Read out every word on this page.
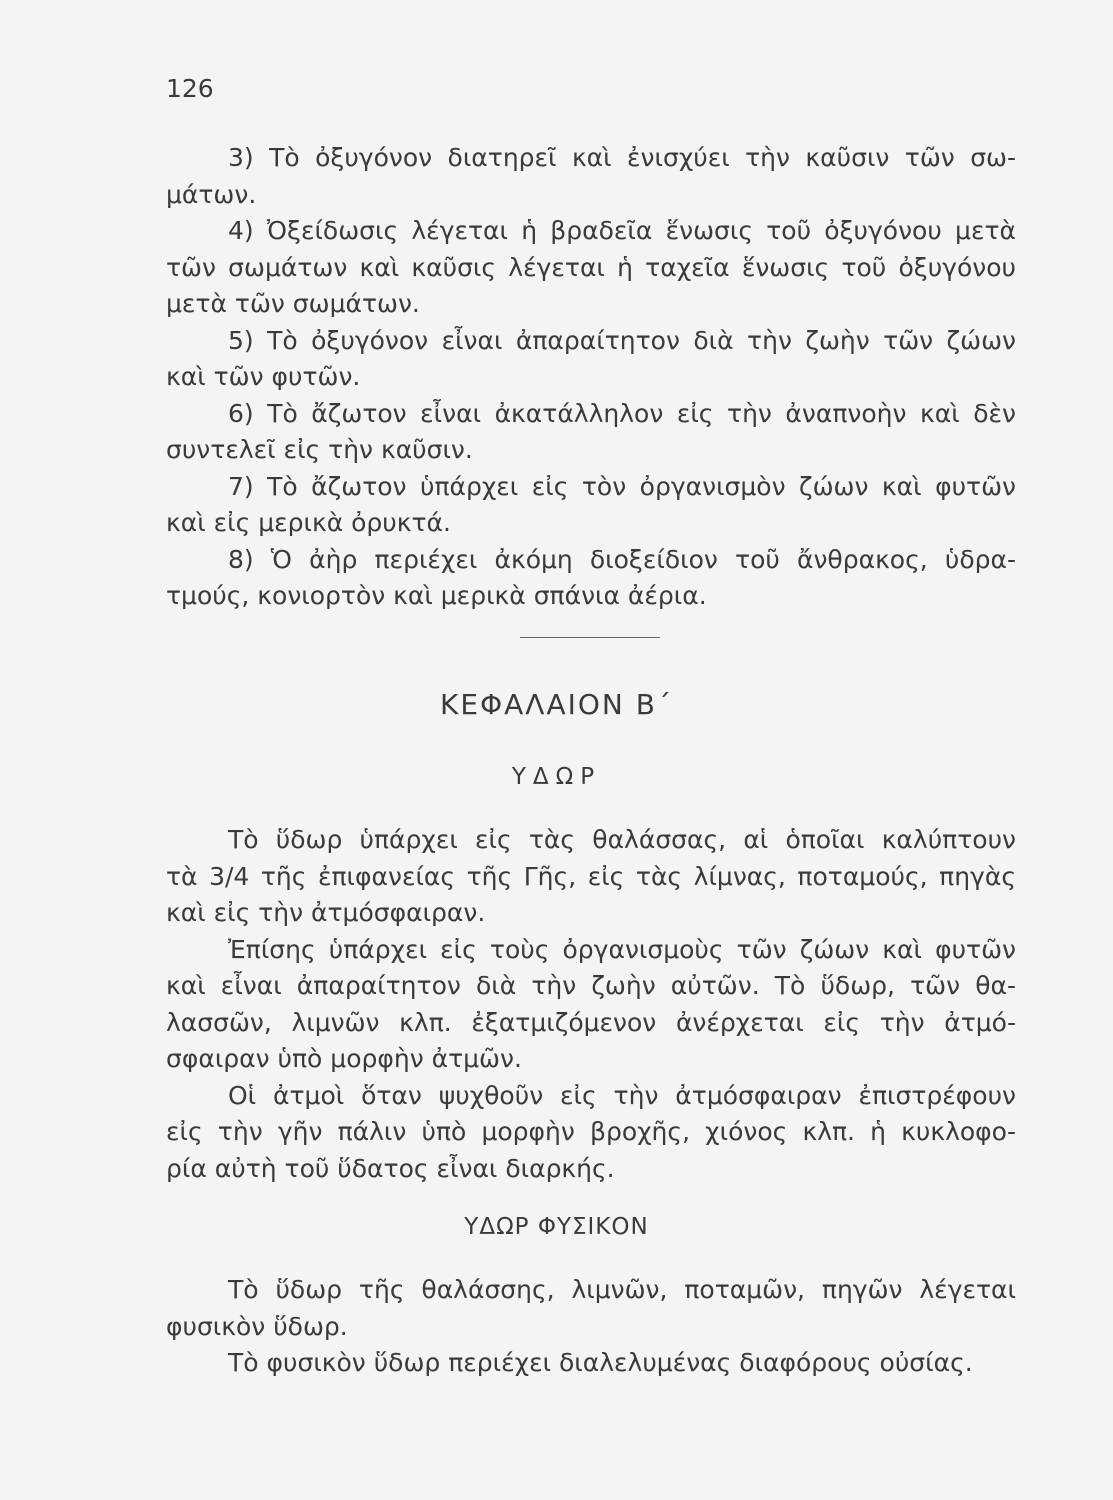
126
3) Τὸ ὀξυγόνον διατηρεῖ καὶ ἐνισχύει τὴν καῦσιν τῶν σω-
μάτων.
4) Ὀξείδωσις λέγεται ἡ βραδεῖα ἕνωσις τοῦ ὀξυγόνου μετὰ
τῶν σωμάτων καὶ καῦσις λέγεται ἡ ταχεῖα ἕνωσις τοῦ ὀξυγόνου
μετὰ τῶν σωμάτων.
5) Τὸ ὀξυγόνον εἶναι ἀπαραίτητον διὰ τὴν ζωὴν τῶν ζώων
καὶ τῶν φυτῶν.
6) Τὸ ἄζωτον εἶναι ἀκατάλληλον εἰς τὴν ἀναπνοὴν καὶ δὲν
συντελεῖ εἰς τὴν καῦσιν.
7) Τὸ ἄζωτον ὑπάρχει εἰς τὸν ὀργανισμὸν ζώων καὶ φυτῶν
καὶ εἰς μερικὰ ὀρυκτά.
8) Ὁ ἀὴρ περιέχει ἀκόμη διοξείδιον τοῦ ἄνθρακος, ὑδρα-
τμούς, κονιορτὸν καὶ μερικὰ σπάνια ἀέρια.
ΚΕΦΑΛΑΙΟΝ Β΄
ΥΔΩΡ
Τὸ ὕδωρ ὑπάρχει εἰς τὰς θαλάσσας, αἱ ὁποῖαι καλύπτουν
τὰ 3/4 τῆς ἐπιφανείας τῆς Γῆς, εἰς τὰς λίμνας, ποταμούς, πηγὰς
καὶ εἰς τὴν ἀτμόσφαιραν.
Ἐπίσης ὑπάρχει εἰς τοὺς ὀργανισμοὺς τῶν ζώων καὶ φυτῶν
καὶ εἶναι ἀπαραίτητον διὰ τὴν ζωὴν αὐτῶν. Τὸ ὕδωρ, τῶν θα-
λασσῶν, λιμνῶν κλπ. ἐξατμιζόμενον ἀνέρχεται εἰς τὴν ἀτμό-
σφαιραν ὑπὸ μορφὴν ἀτμῶν.
Οἱ ἀτμοὶ ὅταν ψυχθοῦν εἰς τὴν ἀτμόσφαιραν ἐπιστρέφουν
εἰς τὴν γῆν πάλιν ὑπὸ μορφὴν βροχῆς, χιόνος κλπ. ἡ κυκλοφο-
ρία αὐτὴ τοῦ ὕδατος εἶναι διαρκής.
ΥΔΩΡ ΦΥΣΙΚΟΝ
Τὸ ὕδωρ τῆς θαλάσσης, λιμνῶν, ποταμῶν, πηγῶν λέγεται
φυσικὸν ὕδωρ.
Τὸ φυσικὸν ὕδωρ περιέχει διαλελυμένας διαφόρους οὐσίας.
